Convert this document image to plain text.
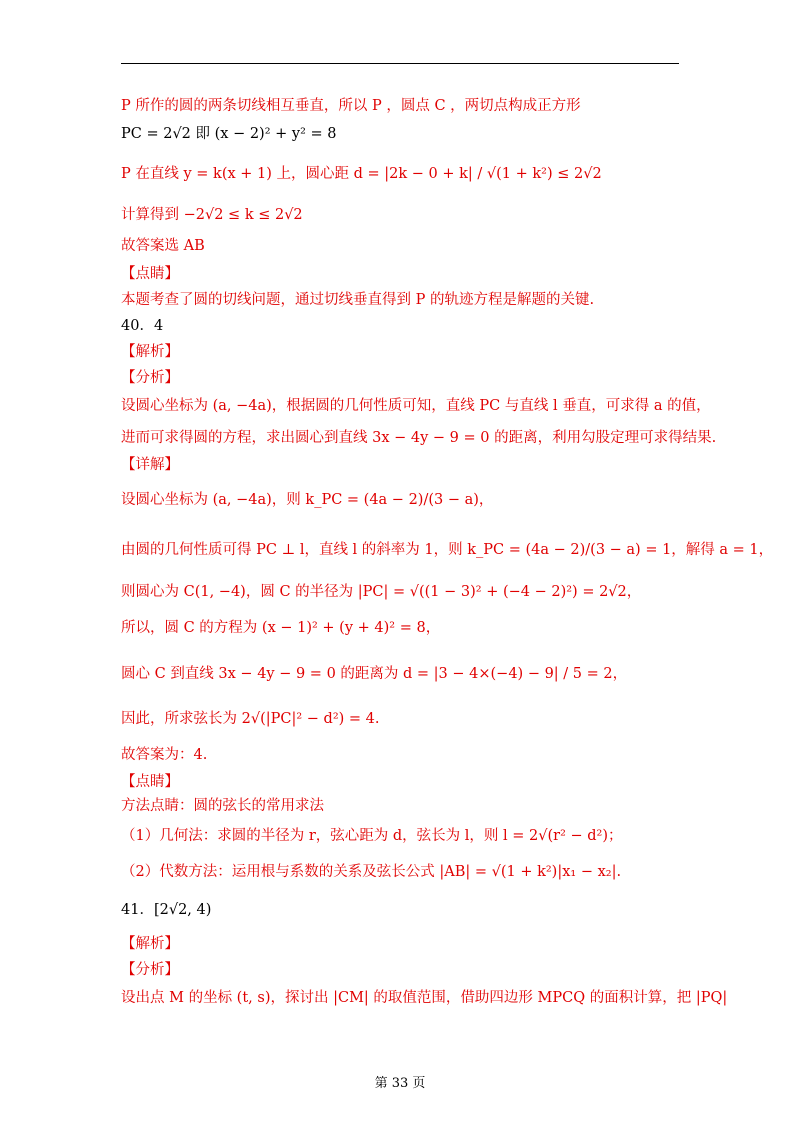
P 所作的圆的两条切线相互垂直，所以 P ，圆点 C ，两切点构成正方形
PC = 2√2 即 (x − 2)² + y² = 8
P 在直线 y = k(x + 1) 上，圆心距 d = |2k − 0 + k| / √(1 + k²) ≤ 2√2
计算得到 −2√2 ≤ k ≤ 2√2
故答案选 AB
【点睛】
本题考查了圆的切线问题，通过切线垂直得到 P 的轨迹方程是解题的关键.
40．4
【解析】
【分析】
设圆心坐标为 (a, −4a)，根据圆的几何性质可知，直线 PC 与直线 l 垂直，可求得 a 的值，
进而可求得圆的方程，求出圆心到直线 3x − 4y − 9 = 0 的距离，利用勾股定理可求得结果.
【详解】
设圆心坐标为 (a, −4a)，则 k_PC = (4a − 2)/(3 − a)，
由圆的几何性质可得 PC ⊥ l，直线 l 的斜率为 1，则 k_PC = (4a − 2)/(3 − a) = 1，解得 a = 1，
则圆心为 C(1, −4)，圆 C 的半径为 |PC| = √((1 − 3)² + (−4 − 2)²) = 2√2，
所以，圆 C 的方程为 (x − 1)² + (y + 4)² = 8，
圆心 C 到直线 3x − 4y − 9 = 0 的距离为 d = |3 − 4×(−4) − 9| / 5 = 2，
因此，所求弦长为 2√(|PC|² − d²) = 4.
故答案为：4.
【点睛】
方法点睛：圆的弦长的常用求法
（1）几何法：求圆的半径为 r，弦心距为 d，弦长为 l，则 l = 2√(r² − d²)；
（2）代数方法：运用根与系数的关系及弦长公式 |AB| = √(1 + k²)|x₁ − x₂|.
41．[2√2, 4)
【解析】
【分析】
设出点 M 的坐标 (t, s)，探讨出 |CM| 的取值范围，借助四边形 MPCQ 的面积计算，把 |PQ|
第 33 页
